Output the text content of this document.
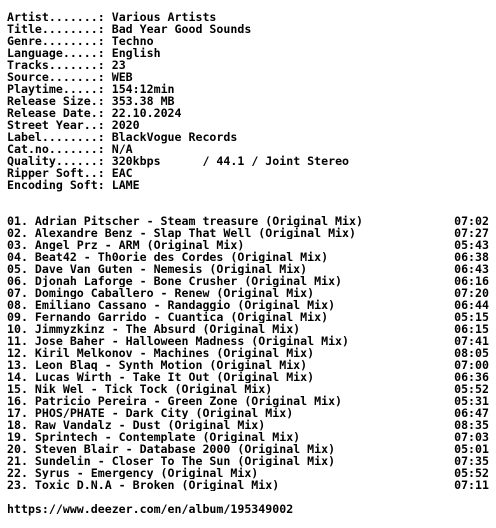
Artist.......: Various Artists
Title........: Bad Year Good Sounds
Genre........: Techno
Language.....: English
Tracks.......: 23
Source.......: WEB
Playtime.....: 154:12min
Release Size.: 353.38 MB
Release Date.: 22.10.2024
Street Year..: 2020
Label........: BlackVogue Records
Cat.no.......: N/A
Quality......: 320kbps      / 44.1 / Joint Stereo
Ripper Soft..: EAC
Encoding Soft: LAME
01. Adrian Pitscher - Steam treasure (Original Mix)	07:02
02. Alexandre Benz - Slap That Well (Original Mix)	07:27
03. Angel Prz - ARM (Original Mix)	05:43
04. Beat42 - Th0orie des Cordes (Original Mix)	06:38
05. Dave Van Guten - Nemesis (Original Mix)	06:43
06. Djonah Laforge - Bone Crusher (Original Mix)	06:16
07. Domingo Caballero - Renew (Original Mix)	07:20
08. Emiliano Cassano - Randaggio (Original Mix)	06:44
09. Fernando Garrido - Cuantica (Original Mix)	05:15
10. Jimmyzkinz - The Absurd (Original Mix)	06:15
11. Jose Baher - Halloween Madness (Original Mix)	07:41
12. Kiril Melkonov - Machines (Original Mix)	08:05
13. Leon Blaq - Synth Motion (Original Mix)	07:00
14. Lucas Wirth - Take It Out (Original Mix)	06:36
15. Nik Wel - Tick Tock (Original Mix)	05:52
16. Patricio Pereira - Green Zone (Original Mix)	05:31
17. PHOS/PHATE - Dark City (Original Mix)	06:47
18. Raw Vandalz - Dust (Original Mix)	08:35
19. Sprintech - Contemplate (Original Mix)	07:03
20. Steven Blair - Database 2000 (Original Mix)	05:01
21. Sundelin - Closer To The Sun (Original Mix)	07:35
22. Syrus - Emergency (Original Mix)	05:52
23. Toxic D.N.A - Broken (Original Mix)	07:11
https://www.deezer.com/en/album/195349002
